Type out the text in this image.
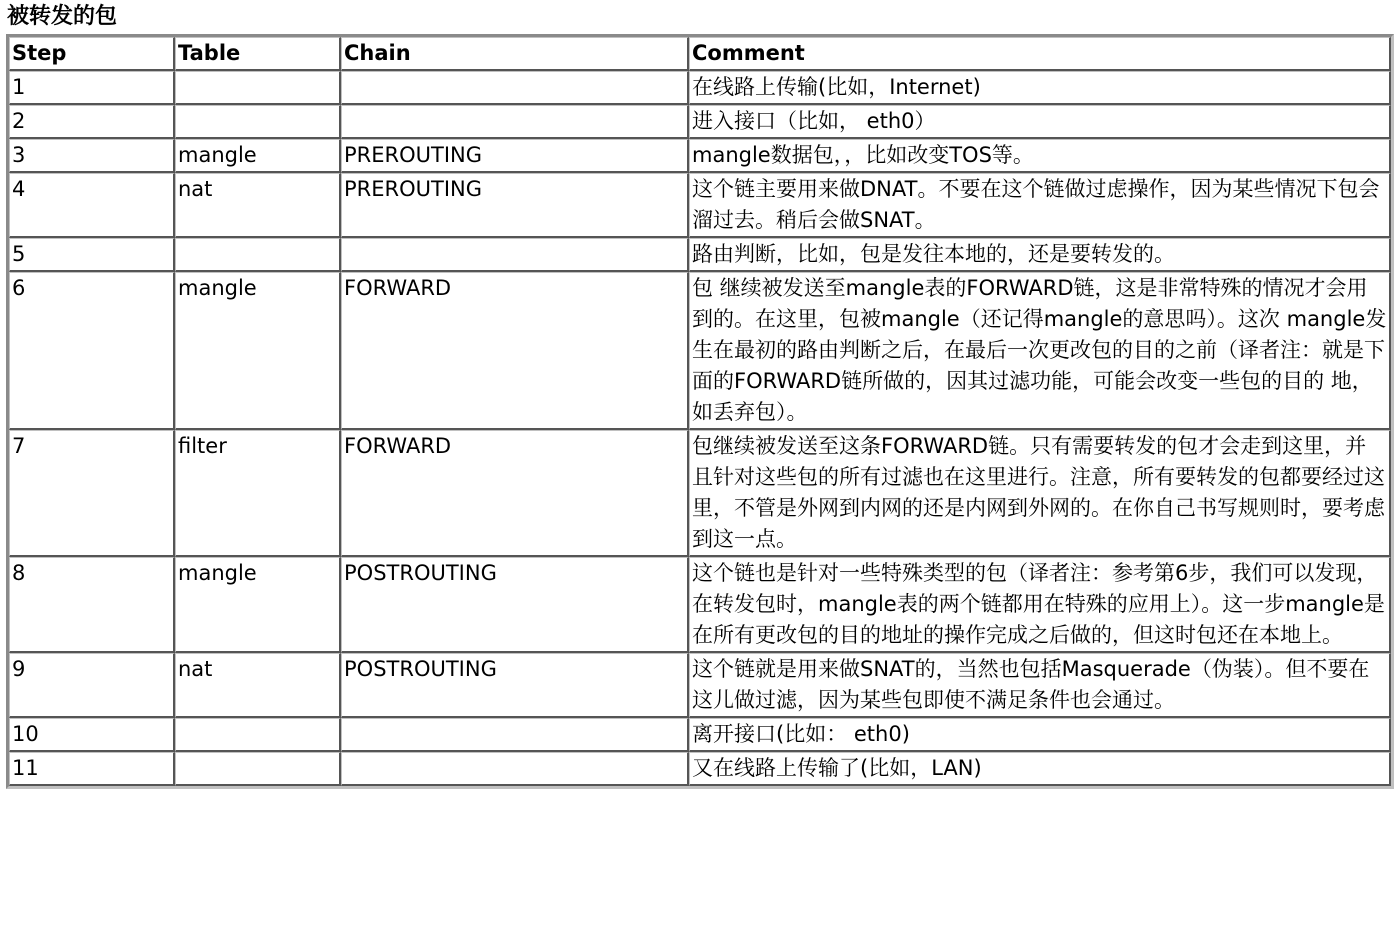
被转发的包
Step	Table	Chain	Comment
1			在线路上传输(比如，Internet)
2			进入接口（比如， eth0）
3	mangle	PREROUTING	mangle数据包，，比如改变TOS等。
4	nat	PREROUTING	这个链主要用来做DNAT。不要在这个链做过虑操作，因为某些情况下包会溜过去。稍后会做SNAT。
5			路由判断，比如，包是发往本地的，还是要转发的。
6	mangle	FORWARD	包 继续被发送至mangle表的FORWARD链，这是非常特殊的情况才会用到的。在这里，包被mangle（还记得mangle的意思吗）。这次 mangle发生在最初的路由判断之后，在最后一次更改包的目的之前（译者注：就是下面的FORWARD链所做的，因其过滤功能，可能会改变一些包的目的 地，如丢弃包）。
7	filter	FORWARD	包继续被发送至这条FORWARD链。只有需要转发的包才会走到这里，并且针对这些包的所有过滤也在这里进行。注意，所有要转发的包都要经过这里，不管是外网到内网的还是内网到外网的。在你自己书写规则时，要考虑到这一点。
8	mangle	POSTROUTING	这个链也是针对一些特殊类型的包（译者注：参考第6步，我们可以发现，在转发包时，mangle表的两个链都用在特殊的应用上）。这一步mangle是在所有更改包的目的地址的操作完成之后做的，但这时包还在本地上。
9	nat	POSTROUTING	这个链就是用来做SNAT的，当然也包括Masquerade（伪装）。但不要在这儿做过滤，因为某些包即使不满足条件也会通过。
10			离开接口(比如： eth0)
11			又在线路上传输了(比如，LAN)
